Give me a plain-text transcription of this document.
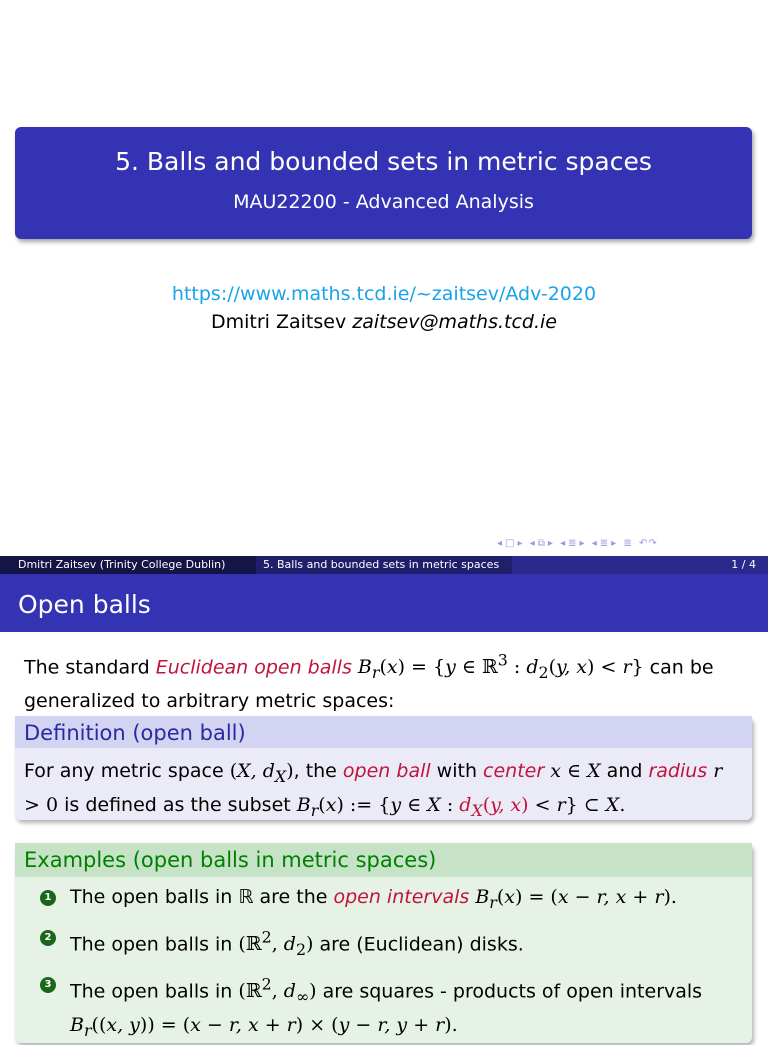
5. Balls and bounded sets in metric spaces
MAU22200 - Advanced Analysis
https://www.maths.tcd.ie/~zaitsev/Adv-2020
Dmitri Zaitsev zaitsev@maths.tcd.ie
◂ □ ▸ ◂ ⧉ ▸ ◂ ≣ ▸ ◂ ≣ ▸ ≣ ↶↷
Dmitri Zaitsev (Trinity College Dublin)	5. Balls and bounded sets in metric spaces	1 / 4
Open balls
The standard Euclidean open balls $B_r(x) = \{y$ ∈ ℝ$^3$ : $d_2(y$, x) < r} can be generalized to arbitrary metric spaces:
Definition (open ball)
For any metric space (X, $d_X$), the open ball with center x ∈ X and radius r > 0 is defined as the subset $B_r(x)$ := {y ∈ X : $d_X(y$, x) < r} ⊂ X.
Examples (open balls in metric spaces)
1 The open balls in ℝ are the open intervals $B_r(x) = (x - r$, x + r).
2 The open balls in (ℝ$^2$, $d_2$) are (Euclidean) disks.
3 The open balls in (ℝ$^2$, $d_\infty$) are squares - products of open intervals $B_r((x$, y)) = (x − r, x + r) × (y − r, y + r).
